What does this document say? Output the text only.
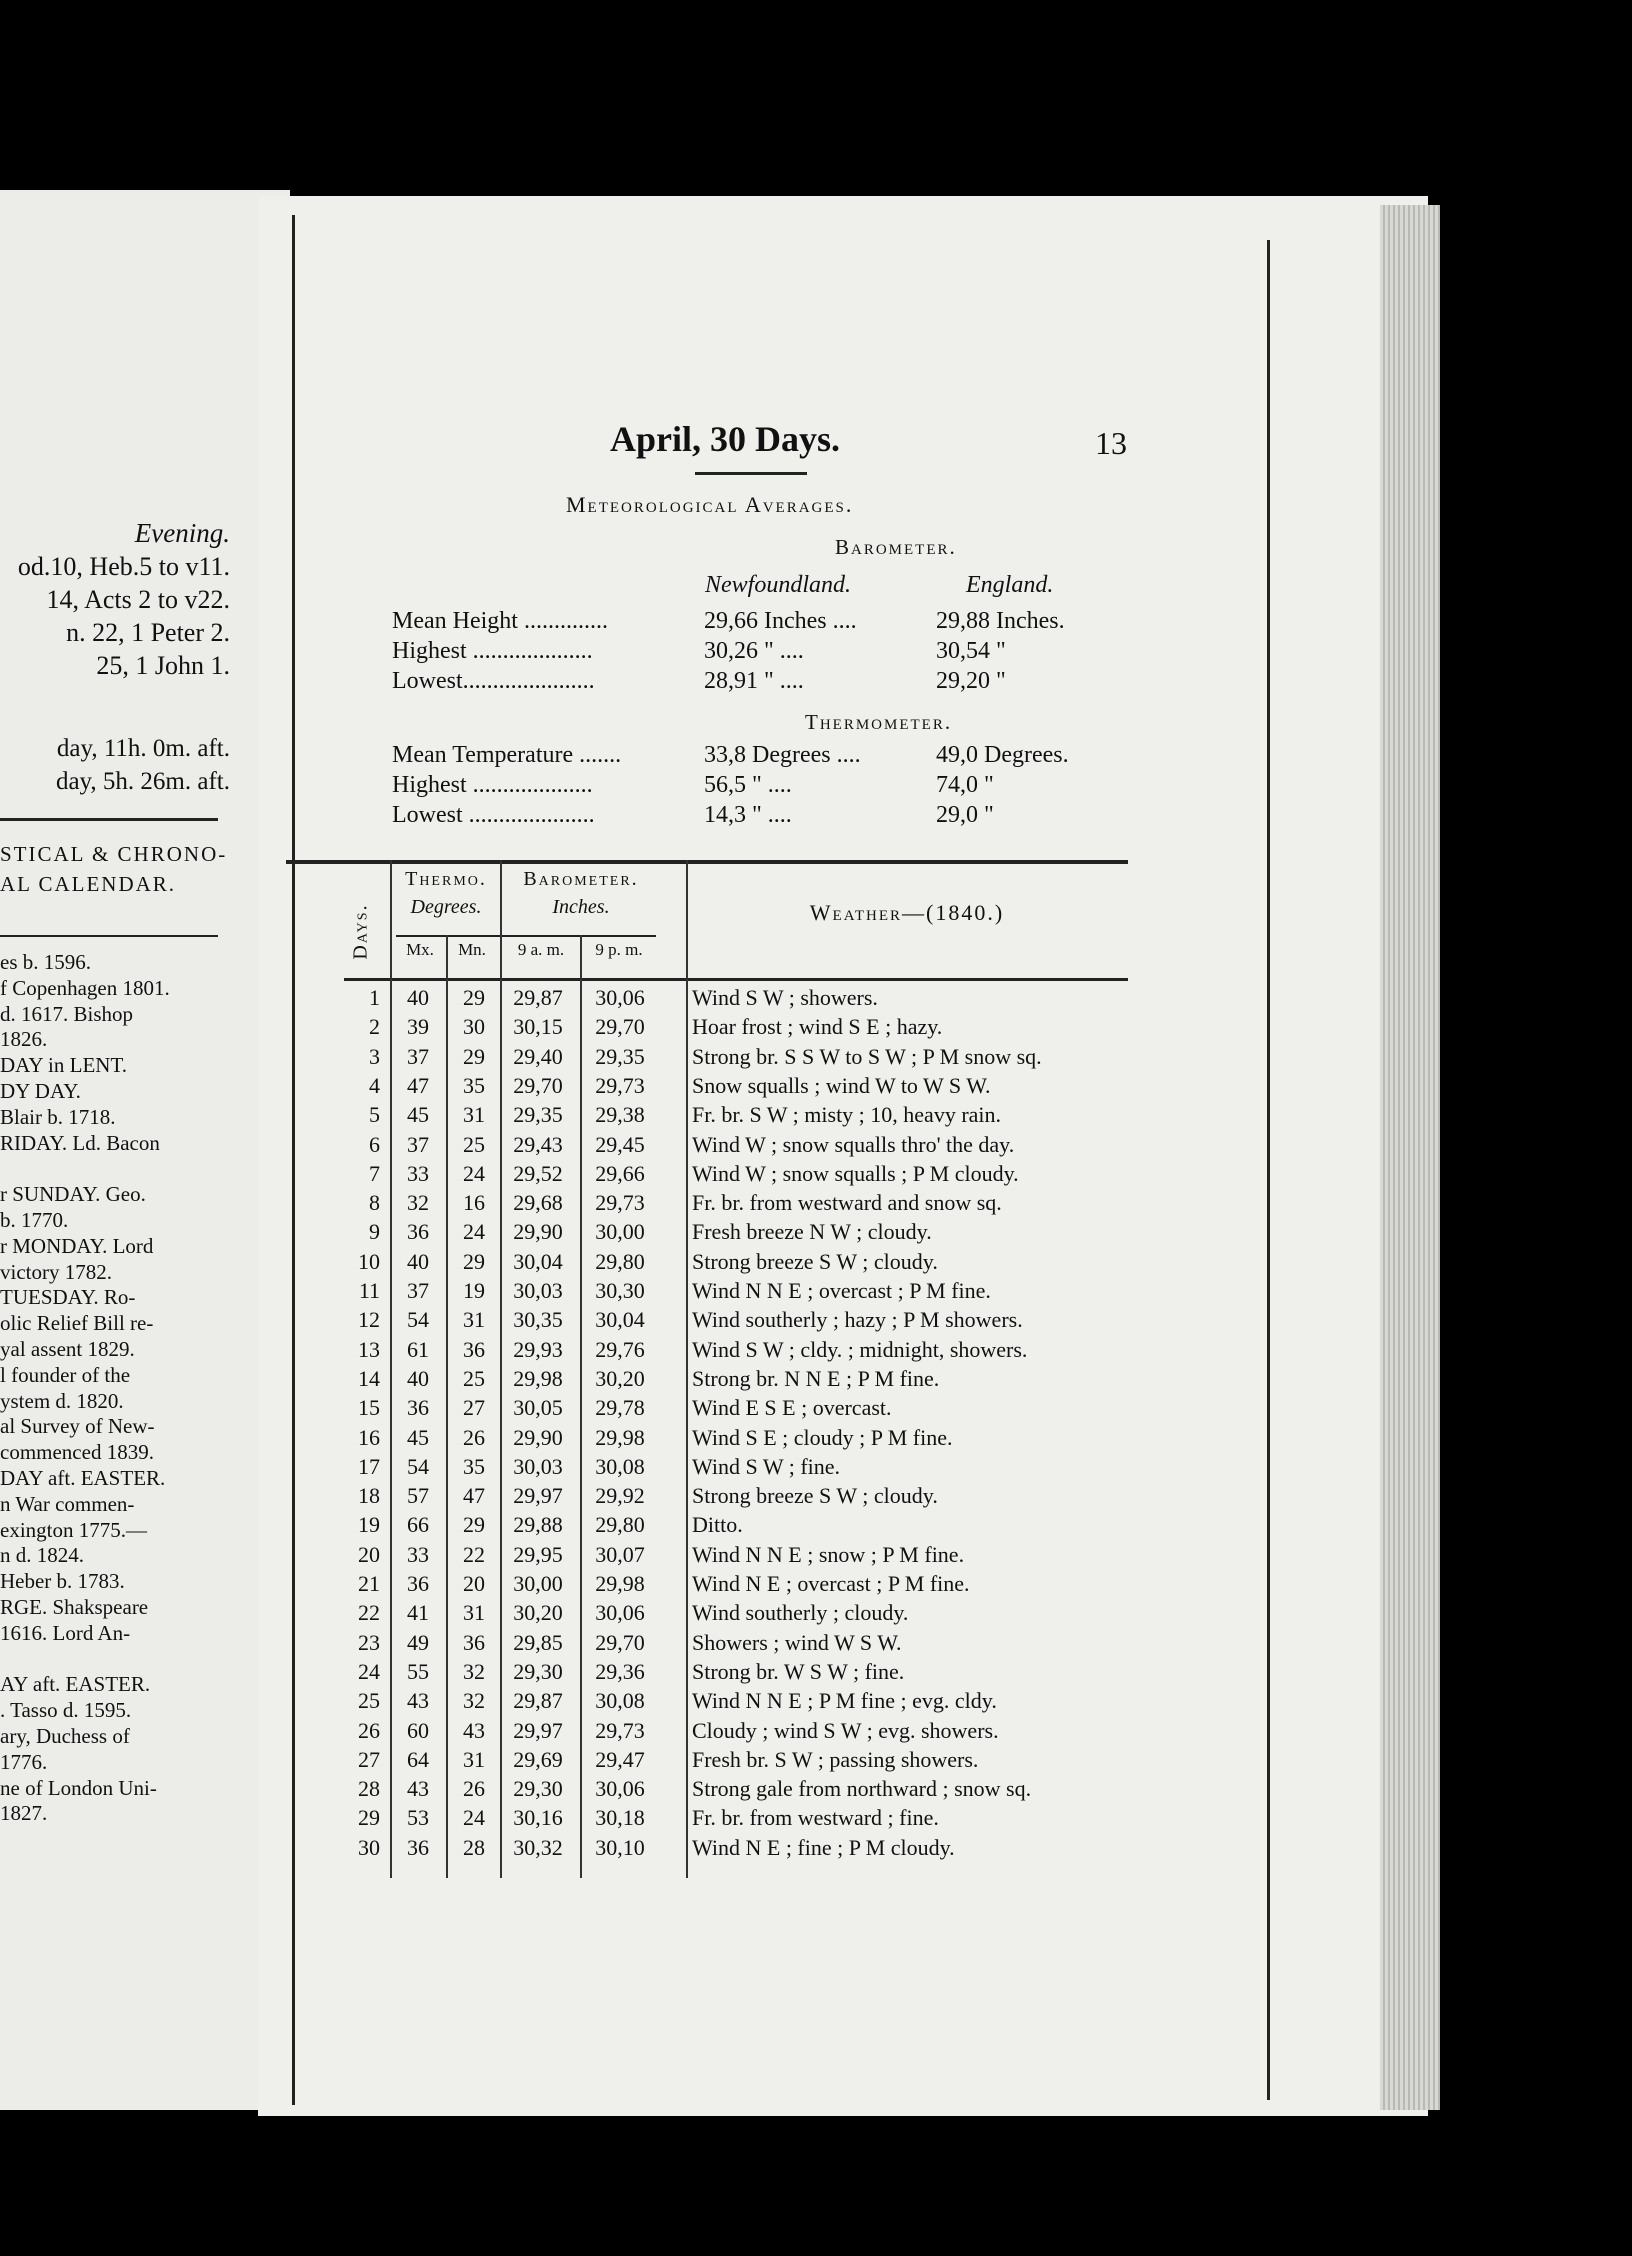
Evening.
od.10, Heb.5 to v11.
14, Acts 2 to v22.
n. 22, 1 Peter 2.
25, 1 John 1.
day, 11h. 0m. aft.
day, 5h. 26m. aft.
STICAL & CHRONO-
AL CALENDAR.
es b. 1596.
f Copenhagen 1801.
d. 1617. Bishop
1826.
DAY in LENT.
DY DAY.
Blair b. 1718.
RIDAY. Ld. Bacon
r SUNDAY. Geo.
b. 1770.
r MONDAY. Lord
victory 1782.
TUESDAY. Ro-
olic Relief Bill re-
yal assent 1829.
l founder of the
ystem d. 1820.
al Survey of New-
commenced 1839.
DAY aft. EASTER.
n War commen-
exington 1775.—
n d. 1824.
Heber b. 1783.
RGE. Shakspeare
1616. Lord An-
AY aft. EASTER.
. Tasso d. 1595.
ary, Duchess of
1776.
ne of London Uni-
1827.
April, 30 Days.	13
Meteorological Averages.
Barometer.
Newfoundland.	England.
Mean Height ..............	29,66 Inches ....	29,88 Inches.
Highest ....................	30,26 " ....	30,54 "
Lowest......................	28,91 " ....	29,20 "
Thermometer.
Mean Temperature .......	33,8 Degrees ....	49,0 Degrees.
Highest ....................	56,5 " ....	74,0 "
Lowest .....................	14,3 " ....	29,0 "
Days.
Thermo.
Degrees.
Barometer.
Inches.	Weather—(1840.)
Mx.	Mn.	9 a. m.	9 p. m.
1	40	29	29,87	30,06	Wind S W ; showers.
2	39	30	30,15	29,70	Hoar frost ; wind S E ; hazy.
3	37	29	29,40	29,35	Strong br. S S W to S W ; P M snow sq.
4	47	35	29,70	29,73	Snow squalls ; wind W to W S W.
5	45	31	29,35	29,38	Fr. br. S W ; misty ; 10, heavy rain.
6	37	25	29,43	29,45	Wind W ; snow squalls thro' the day.
7	33	24	29,52	29,66	Wind W ; snow squalls ; P M cloudy.
8	32	16	29,68	29,73	Fr. br. from westward and snow sq.
9	36	24	29,90	30,00	Fresh breeze N W ; cloudy.
10	40	29	30,04	29,80	Strong breeze S W ; cloudy.
11	37	19	30,03	30,30	Wind N N E ; overcast ; P M fine.
12	54	31	30,35	30,04	Wind southerly ; hazy ; P M showers.
13	61	36	29,93	29,76	Wind S W ; cldy. ; midnight, showers.
14	40	25	29,98	30,20	Strong br. N N E ; P M fine.
15	36	27	30,05	29,78	Wind E S E ; overcast.
16	45	26	29,90	29,98	Wind S E ; cloudy ; P M fine.
17	54	35	30,03	30,08	Wind S W ; fine.
18	57	47	29,97	29,92	Strong breeze S W ; cloudy.
19	66	29	29,88	29,80	Ditto.
20	33	22	29,95	30,07	Wind N N E ; snow ; P M fine.
21	36	20	30,00	29,98	Wind N E ; overcast ; P M fine.
22	41	31	30,20	30,06	Wind southerly ; cloudy.
23	49	36	29,85	29,70	Showers ; wind W S W.
24	55	32	29,30	29,36	Strong br. W S W ; fine.
25	43	32	29,87	30,08	Wind N N E ; P M fine ; evg. cldy.
26	60	43	29,97	29,73	Cloudy ; wind S W ; evg. showers.
27	64	31	29,69	29,47	Fresh br. S W ; passing showers.
28	43	26	29,30	30,06	Strong gale from northward ; snow sq.
29	53	24	30,16	30,18	Fr. br. from westward ; fine.
30	36	28	30,32	30,10	Wind N E ; fine ; P M cloudy.
